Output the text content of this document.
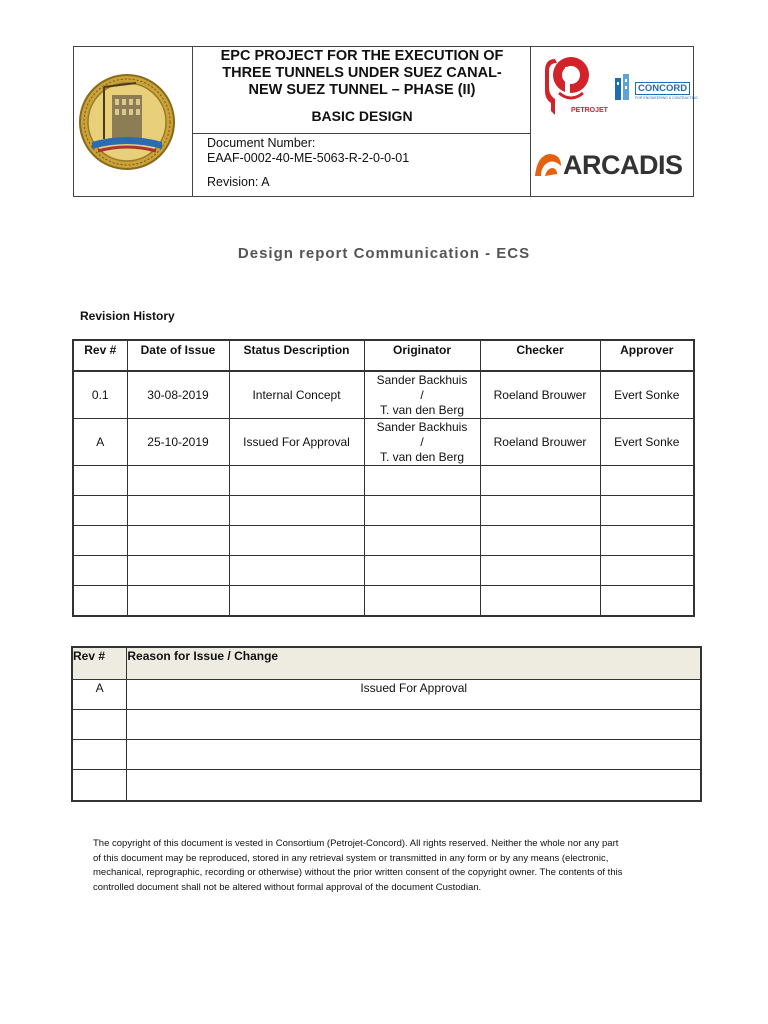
EPC PROJECT FOR THE EXECUTION OF
THREE TUNNELS UNDER SUEZ CANAL-
NEW SUEZ TUNNEL – PHASE (II)
BASIC DESIGN
Document Number:
EAAF-0002-40-ME-5063-R-2-0-0-01
Revision: A
PETROJET
CONCORD
FOR ENGINEERING & CONTRACTING
ARCADIS
Design report Communication - ECS
Revision History
Rev #	Date of Issue	Status Description	Originator	Checker	Approver
0.1	30-08-2019	Internal Concept	Sander Backhuis
/
T. van den Berg	Roeland Brouwer	Evert Sonke
A	25-10-2019	Issued For Approval	Sander Backhuis
/
T. van den Berg	Roeland Brouwer	Evert Sonke

Rev #	Reason for Issue / Change
A	Issued For Approval

The copyright of this document is vested in Consortium (Petrojet-Concord). All rights reserved. Neither the whole nor any part
of this document may be reproduced, stored in any retrieval system or transmitted in any form or by any means (electronic,
mechanical, reprographic, recording or otherwise) without the prior written consent of the copyright owner. The contents of this
controlled document shall not be altered without formal approval of the document Custodian.
